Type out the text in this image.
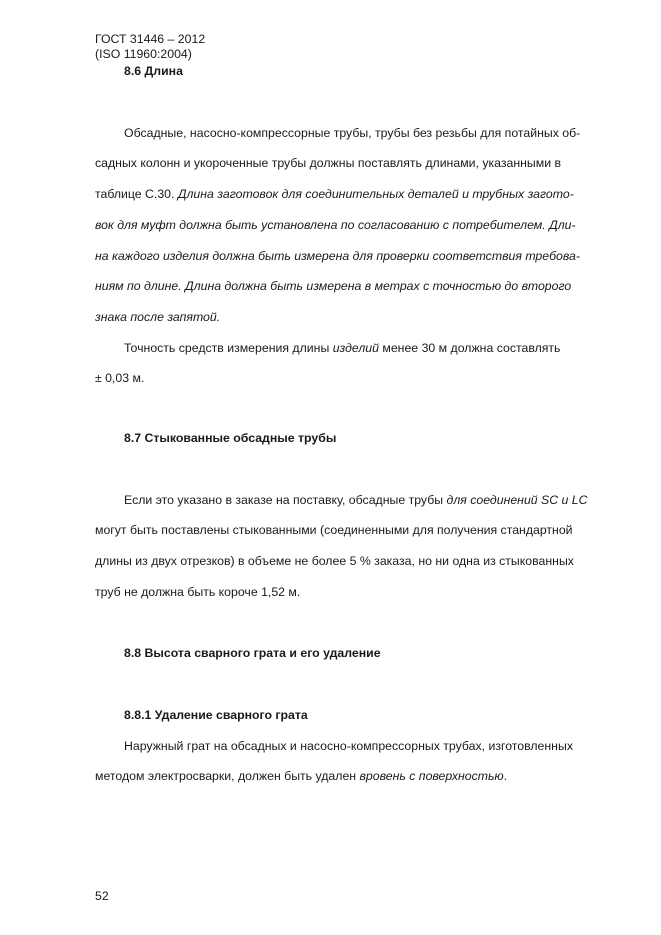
ГОСТ 31446 – 2012
(ISO 11960:2004)
8.6 Длина
Обсадные, насосно-компрессорные трубы, трубы без резьбы для потайных об-
садных колонн и укороченные трубы должны поставлять длинами, указанными в
таблице С.30. Длина заготовок для соединительных деталей и трубных загото-
вок для муфт должна быть установлена по согласованию с потребителем. Дли-
на каждого изделия должна быть измерена для проверки соответствия требова-
ниям по длине. Длина должна быть измерена в метрах с точностью до второго
знака после запятой.
Точность средств измерения длины изделий менее 30 м должна составлять
± 0,03 м.
8.7 Стыкованные обсадные трубы
Если это указано в заказе на поставку, обсадные трубы для соединений SC и LC
могут быть поставлены стыкованными (соединенными для получения стандартной
длины из двух отрезков) в объеме не более 5 % заказа, но ни одна из стыкованных
труб не должна быть короче 1,52 м.
8.8 Высота сварного грата и его удаление
8.8.1 Удаление сварного грата
Наружный грат на обсадных и насосно-компрессорных трубах, изготовленных
методом электросварки, должен быть удален вровень с поверхностью.
52
